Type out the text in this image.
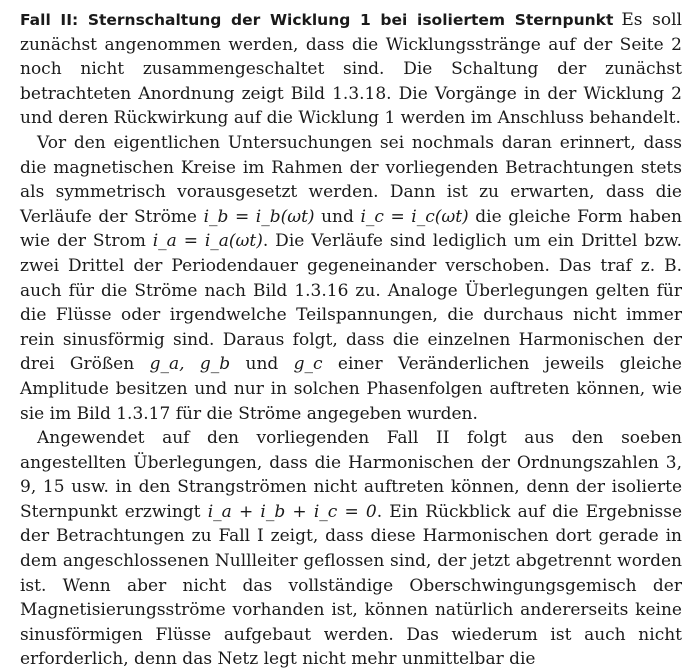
Fall II: Sternschaltung der Wicklung 1 bei isoliertem Sternpunkt Es soll zunächst angenommen werden, dass die Wicklungsstränge auf der Seite 2 noch nicht zusammengeschaltet sind. Die Schaltung der zunächst betrachteten Anordnung zeigt Bild 1.3.18. Die Vorgänge in der Wicklung 2 und deren Rückwirkung auf die Wicklung 1 werden im Anschluss behandelt.

Vor den eigentlichen Untersuchungen sei nochmals daran erinnert, dass die magnetischen Kreise im Rahmen der vorliegenden Betrachtungen stets als symmetrisch vorausgesetzt werden. Dann ist zu erwarten, dass die Verläufe der Ströme i_b = i_b(ωt) und i_c = i_c(ωt) die gleiche Form haben wie der Strom i_a = i_a(ωt). Die Verläufe sind lediglich um ein Drittel bzw. zwei Drittel der Periodendauer gegeneinander verschoben. Das traf z. B. auch für die Ströme nach Bild 1.3.16 zu. Analoge Überlegungen gelten für die Flüsse oder irgendwelche Teilspannungen, die durchaus nicht immer rein sinusförmig sind. Daraus folgt, dass die einzelnen Harmonischen der drei Größen g_a, g_b und g_c einer Veränderlichen jeweils gleiche Amplitude besitzen und nur in solchen Phasenfolgen auftreten können, wie sie im Bild 1.3.17 für die Ströme angegeben wurden.

Angewendet auf den vorliegenden Fall II folgt aus den soeben angestellten Überlegungen, dass die Harmonischen der Ordnungszahlen 3, 9, 15 usw. in den Strangströmen nicht auftreten können, denn der isolierte Sternpunkt erzwingt i_a + i_b + i_c = 0. Ein Rückblick auf die Ergebnisse der Betrachtungen zu Fall I zeigt, dass diese Harmonischen dort gerade in dem angeschlossenen Nullleiter geflossen sind, der jetzt abgetrennt worden ist. Wenn aber nicht das vollständige Oberschwingungsgemisch der Magnetisierungsströme vorhanden ist, können natürlich andererseits keine sinusförmigen Flüsse aufgebaut werden. Das wiederum ist auch nicht erforderlich, denn das Netz legt nicht mehr unmittelbar die
